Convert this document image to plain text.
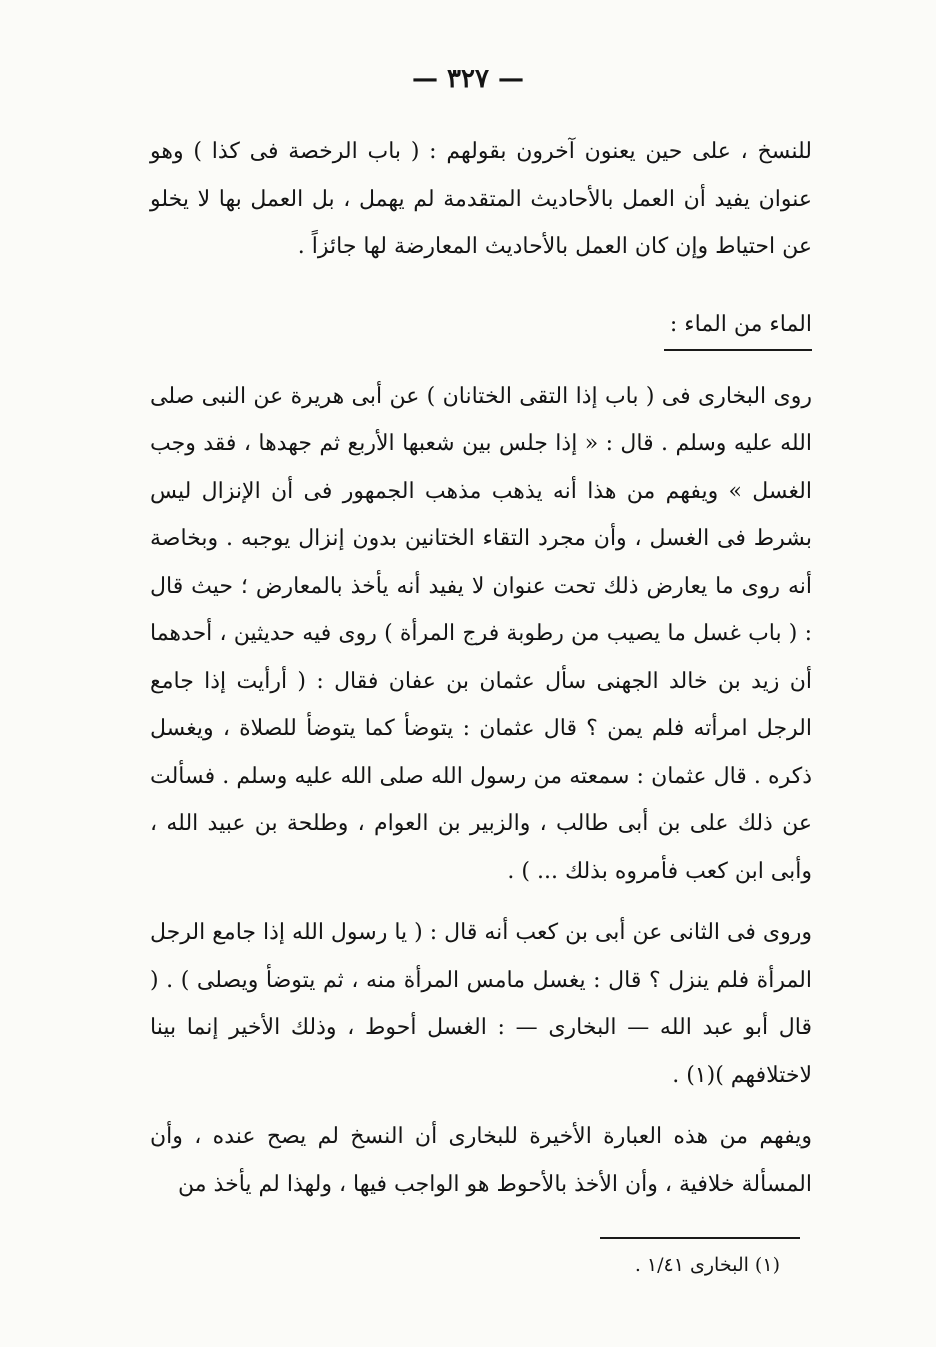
— ٣٢٧ —

للنسخ ، على حين يعنون آخرون بقولهم : ( باب الرخصة فى كذا ) وهو عنوان يفيد أن العمل بالأحاديث المتقدمة لم يهمل ، بل العمل بها لا يخلو عن احتياط وإن كان العمل بالأحاديث المعارضة لها جائزاً .

الماء من الماء :

روى البخارى فى ( باب إذا التقى الختانان ) عن أبى هريرة عن النبى صلى الله عليه وسلم . قال : « إذا جلس بين شعبها الأربع ثم جهدها ، فقد وجب الغسل » ويفهم من هذا أنه يذهب مذهب الجمهور فى أن الإنزال ليس بشرط فى الغسل ، وأن مجرد التقاء الختانين بدون إنزال يوجبه . وبخاصة أنه روى ما يعارض ذلك تحت عنوان لا يفيد أنه يأخذ بالمعارض ؛ حيث قال : ( باب غسل ما يصيب من رطوبة فرج المرأة ) روى فيه حديثين ، أحدهما أن زيد بن خالد الجهنى سأل عثمان بن عفان فقال : ( أرأيت إذا جامع الرجل امرأته فلم يمن ؟ قال عثمان : يتوضأ كما يتوضأ للصلاة ، ويغسل ذكره . قال عثمان : سمعته من رسول الله صلى الله عليه وسلم . فسألت عن ذلك على بن أبى طالب ، والزبير بن العوام ، وطلحة بن عبيد الله ، وأبى ابن كعب فأمروه بذلك ... ) .

وروى فى الثانى عن أبى بن كعب أنه قال : ( يا رسول الله إذا جامع الرجل المرأة فلم ينزل ؟ قال : يغسل مامس المرأة منه ، ثم يتوضأ ويصلى ) . ( قال أبو عبد الله — البخارى — : الغسل أحوط ، وذلك الأخير إنما بينا لاختلافهم )(١) .

ويفهم من هذه العبارة الأخيرة للبخارى أن النسخ لم يصح عنده ، وأن المسألة خلافية ، وأن الأخذ بالأحوط هو الواجب فيها ، ولهذا لم يأخذ من

(١) البخارى ١/٤١ .
